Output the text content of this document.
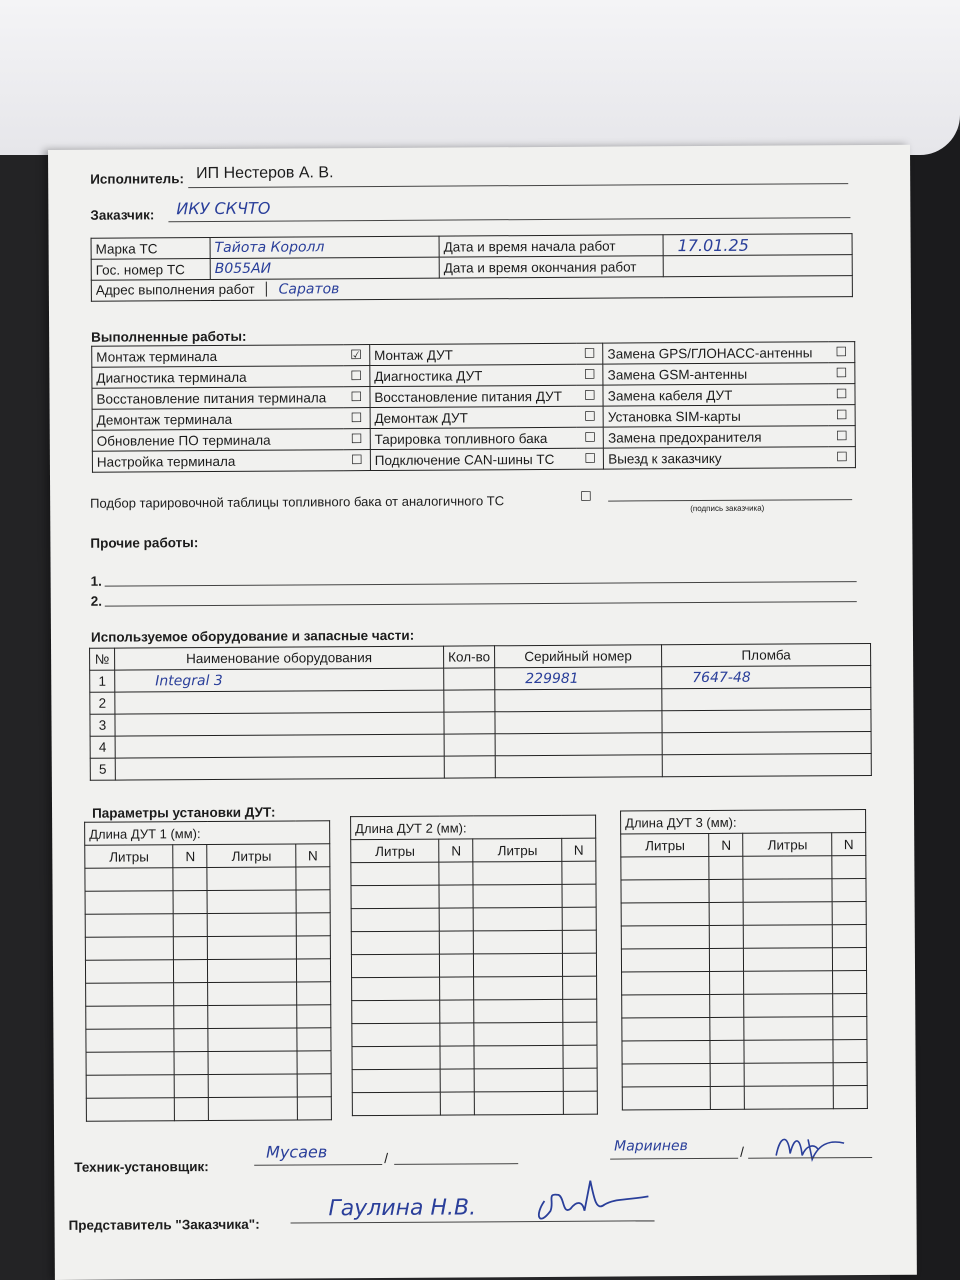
Исполнитель: ИП Нестеров А. В.
Заказчик: ИКУ СКЧТО
Марка ТС	Тайота Королл	Дата и время начала работ	17.01.25
Гос. номер ТС	В055АИ	Дата и время окончания работ	
Адрес выполнения работ Саратов			
Выполненные работы:
Монтаж терминала	☑	Монтаж ДУТ	☐	Замена GPS/ГЛОНАСС-антенны	☐
Диагностика терминала	☐	Диагностика ДУТ	☐	Замена GSM-антенны	☐
Восстановление питания терминала	☐	Восстановление питания ДУТ	☐	Замена кабеля ДУТ	☐
Демонтаж терминала	☐	Демонтаж ДУТ	☐	Установка SIM-карты	☐
Обновление ПО терминала	☐	Тарировка топливного бака	☐	Замена предохранителя	☐
Настройка терминала	☐	Подключение CAN-шины ТС	☐	Выезд к заказчику	☐
Подбор тарировочной таблицы топливного бака от аналогичного ТС	☐
(подпись заказчика)
Прочие работы:
1.
2.
Используемое оборудование и запасные части:
№	Наименование оборудования	Кол-во	Серийный номер	Пломба
1	Integral 3		229981	7647-48
2				
3				
4				
5				
Параметры установки ДУТ:
Длина ДУТ 1 (мм):			
Литры	N	Литры	N

Длина ДУТ 2 (мм):			
Литры	N	Литры	N

Длина ДУТ 3 (мм):			
Литры	N	Литры	N

Техник-установщик:
Мусаев	/
Мариинев	/
Представитель "Заказчика":
Гаулина Н.В.
